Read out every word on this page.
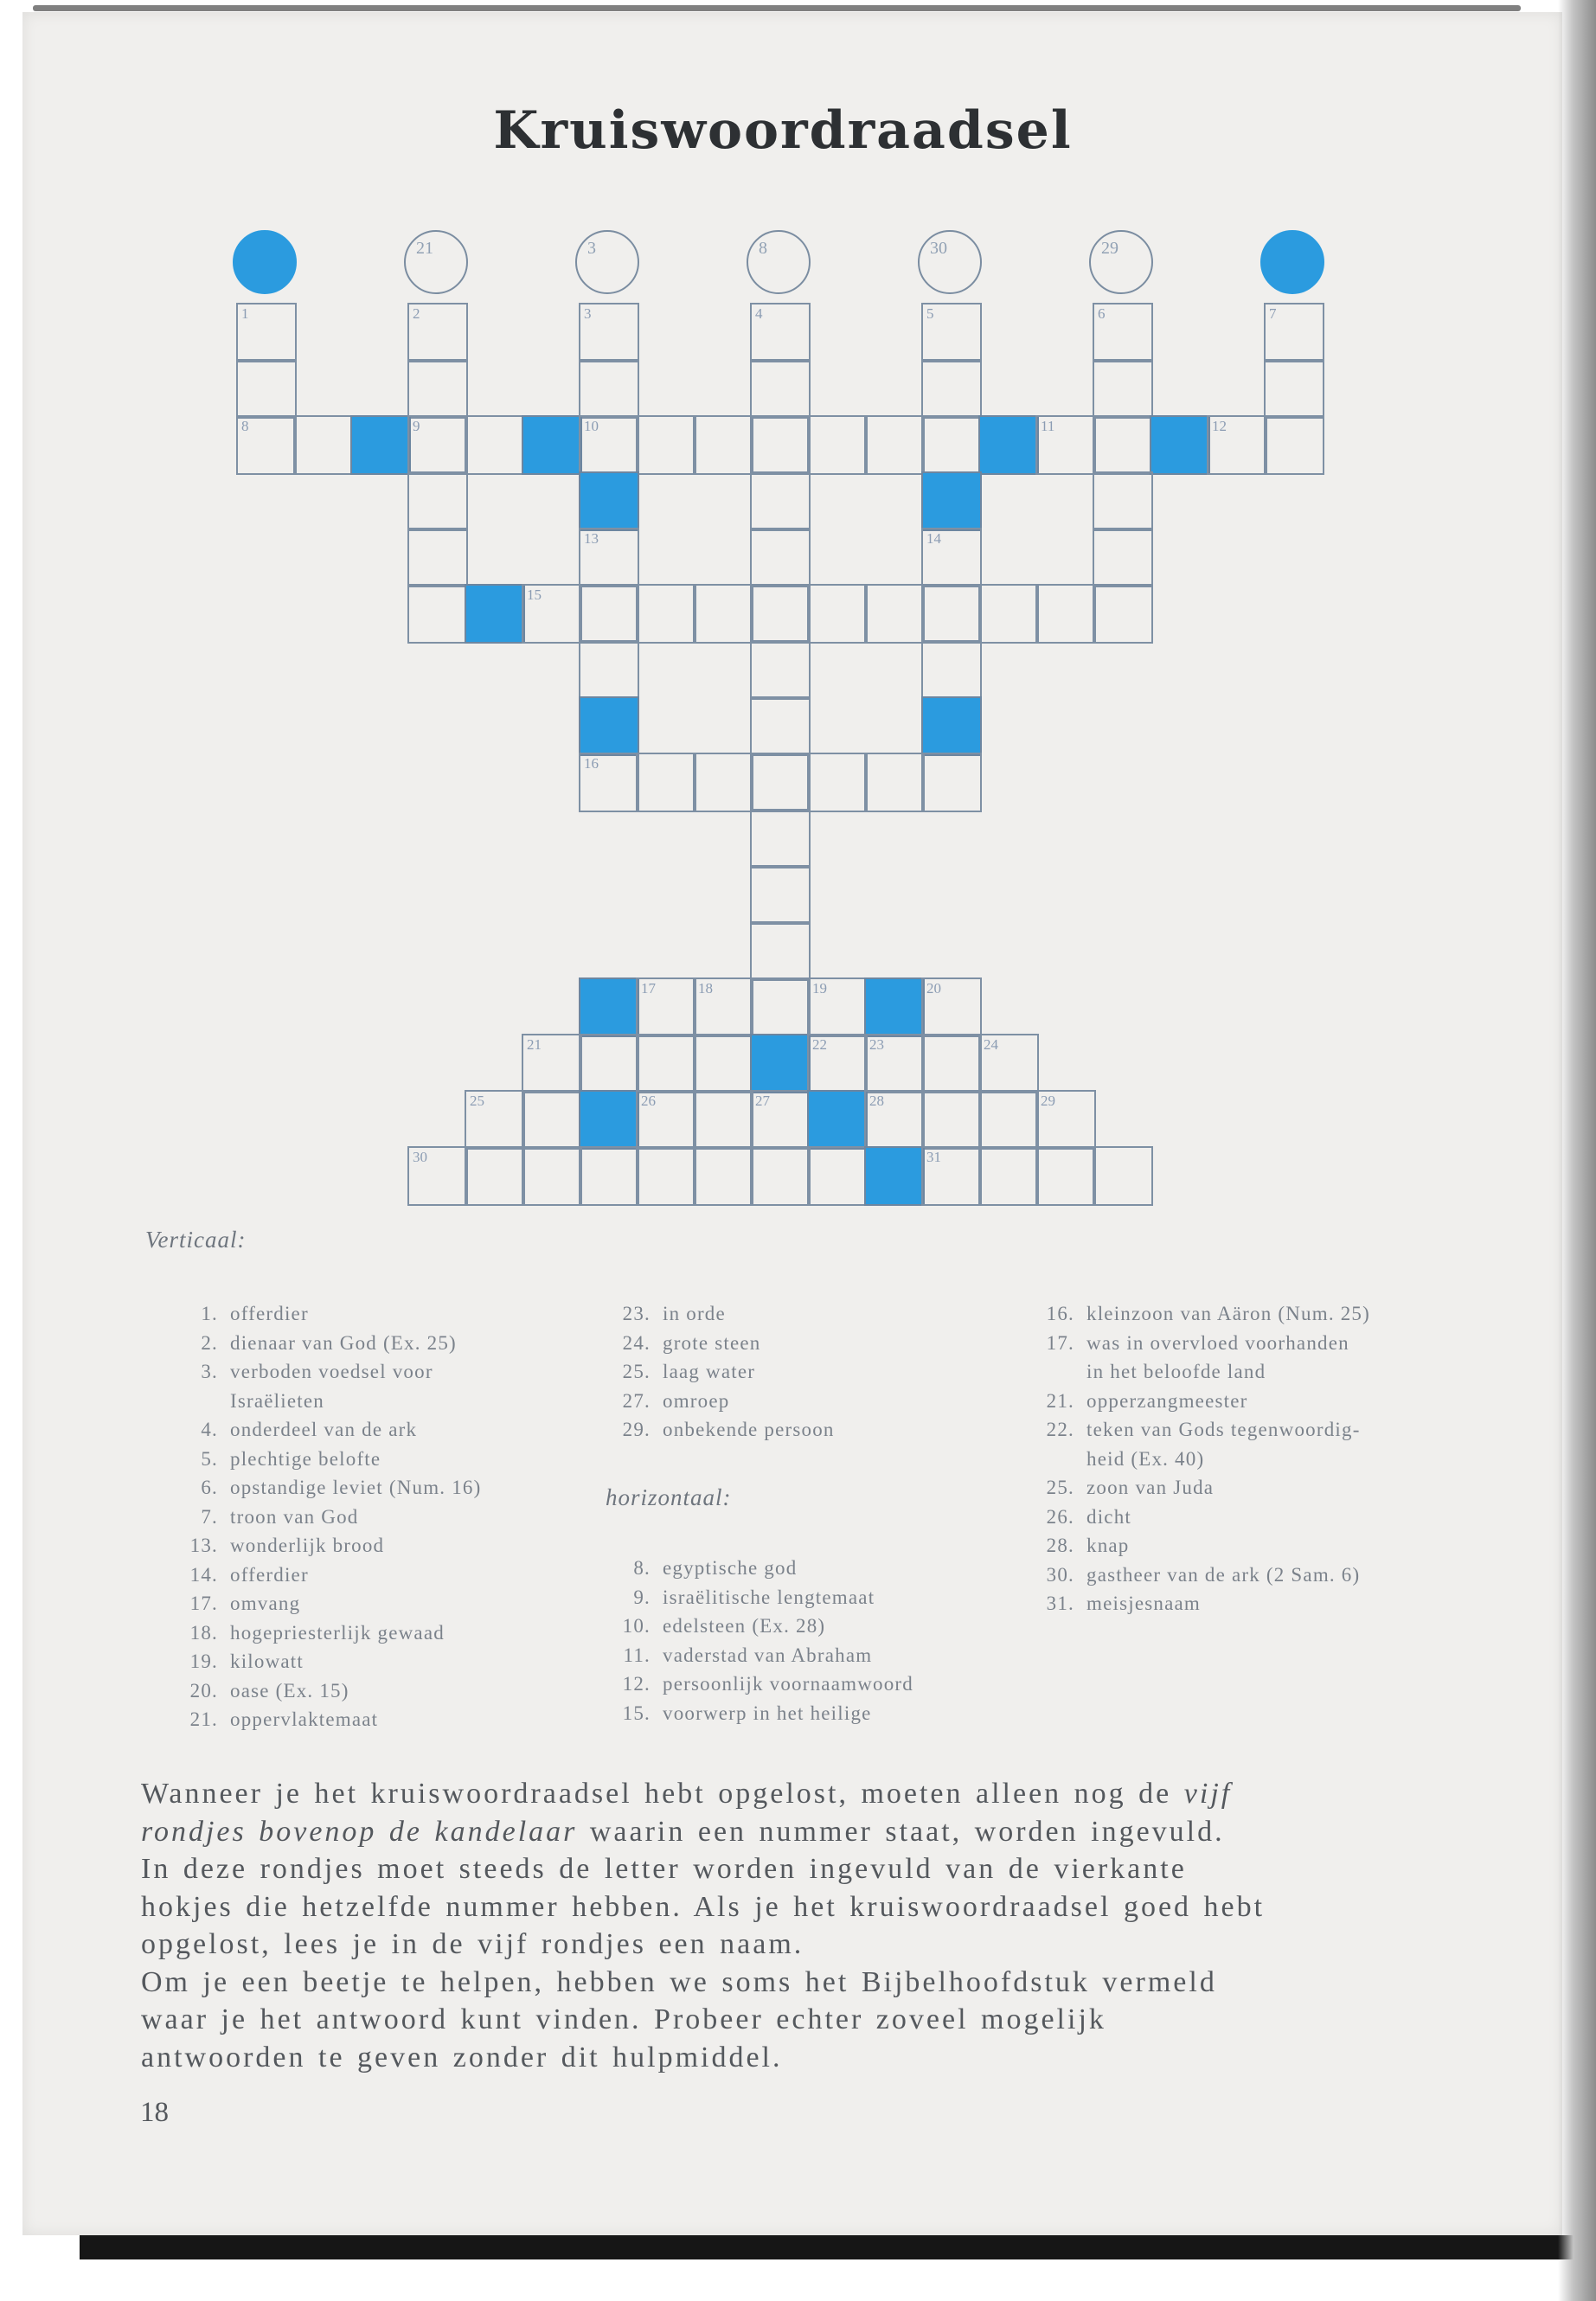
Kruiswoordraadsel
21	3	8	30	29
1	2	3	4	5	6	7
8	9	10	11	12
13	14
15
16
17	18	19	20
21	22	23	24
25	26	27	28	29
30	31
Verticaal:
1. offerdier
2. dienaar van God (Ex. 25)
3. verboden voedsel voor
Israëlieten
4. onderdeel van de ark
5. plechtige belofte
6. opstandige leviet (Num. 16)
7. troon van God
13. wonderlijk brood
14. offerdier
17. omvang
18. hogepriesterlijk gewaad
19. kilowatt
20. oase (Ex. 15)
21. oppervlaktemaat
23. in orde
24. grote steen
25. laag water
27. omroep
29. onbekende persoon
horizontaal:
8. egyptische god
9. israëlitische lengtemaat
10. edelsteen (Ex. 28)
11. vaderstad van Abraham
12. persoonlijk voornaamwoord
15. voorwerp in het heilige
16. kleinzoon van Aäron (Num. 25)
17. was in overvloed voorhanden
in het beloofde land
21. opperzangmeester
22. teken van Gods tegenwoordig-
heid (Ex. 40)
25. zoon van Juda
26. dicht
28. knap
30. gastheer van de ark (2 Sam. 6)
31. meisjesnaam
Wanneer je het kruiswoordraadsel hebt opgelost, moeten alleen nog de vijf
rondjes bovenop de kandelaar waarin een nummer staat, worden ingevuld.
In deze rondjes moet steeds de letter worden ingevuld van de vierkante
hokjes die hetzelfde nummer hebben. Als je het kruiswoordraadsel goed hebt
opgelost, lees je in de vijf rondjes een naam.
Om je een beetje te helpen, hebben we soms het Bijbelhoofdstuk vermeld
waar je het antwoord kunt vinden. Probeer echter zoveel mogelijk
antwoorden te geven zonder dit hulpmiddel.
18
